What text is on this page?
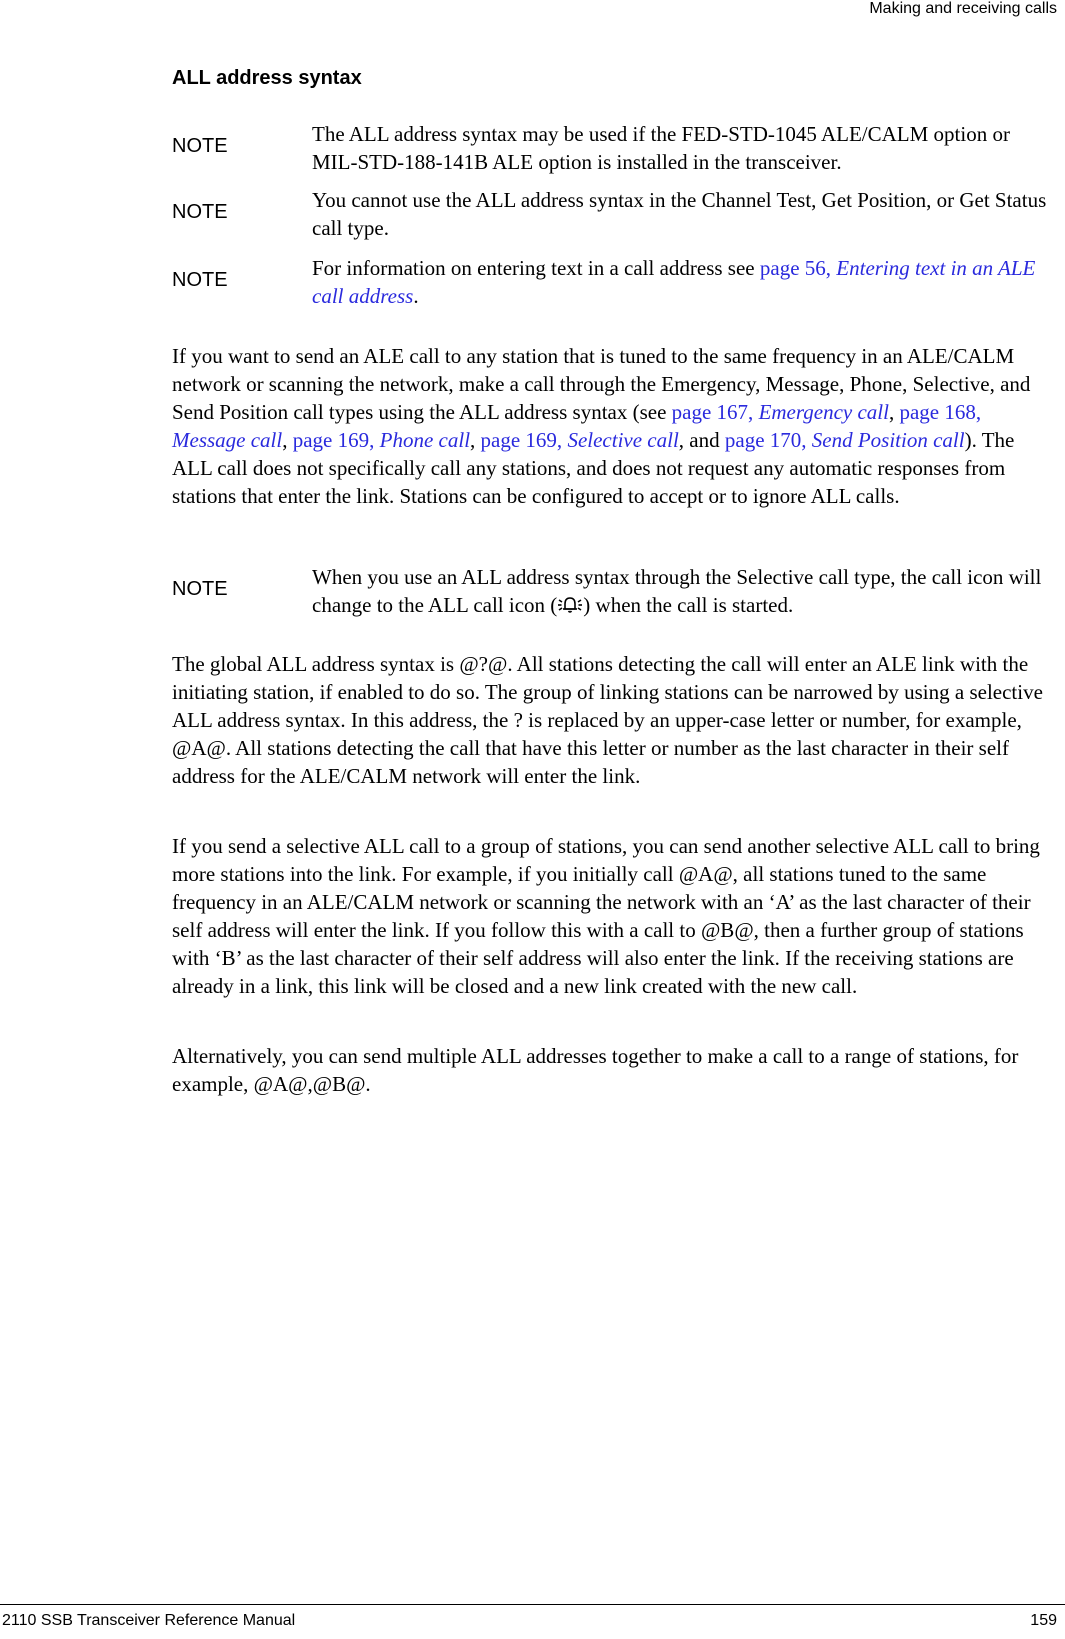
Making and receiving calls
ALL address syntax
NOTE	The ALL address syntax may be used if the FED-STD-1045 ALE/CALM option or MIL-STD-188-141B ALE option is installed in the transceiver.
NOTE	You cannot use the ALL address syntax in the Channel Test, Get Position, or Get Status call type.
NOTE	For information on entering text in a call address see page 56, Entering text in an ALE call address.

If you want to send an ALE call to any station that is tuned to the same frequency in an ALE/CALM network or scanning the network, make a call through the Emergency, Message, Phone, Selective, and Send Position call types using the ALL address syntax (see page 167, Emergency call, page 168, Message call, page 169, Phone call, page 169, Selective call, and page 170, Send Position call). The ALL call does not specifically call any stations, and does not request any automatic responses from stations that enter the link. Stations can be configured to accept or to ignore ALL calls.

NOTE	When you use an ALL address syntax through the Selective call type, the call icon will change to the ALL call icon ( ) when the call is started.

The global ALL address syntax is @?@. All stations detecting the call will enter an ALE link with the initiating station, if enabled to do so. The group of linking stations can be narrowed by using a selective ALL address syntax. In this address, the ? is replaced by an upper-case letter or number, for example, @A@. All stations detecting the call that have this letter or number as the last character in their self address for the ALE/CALM network will enter the link.

If you send a selective ALL call to a group of stations, you can send another selective ALL call to bring more stations into the link. For example, if you initially call @A@, all stations tuned to the same frequency in an ALE/CALM network or scanning the network with an ‘A’ as the last character of their self address will enter the link. If you follow this with a call to @B@, then a further group of stations with ‘B’ as the last character of their self address will also enter the link. If the receiving stations are already in a link, this link will be closed and a new link created with the new call.

Alternatively, you can send multiple ALL addresses together to make a call to a range of stations, for example, @A@,@B@.

2110 SSB Transceiver Reference Manual	159
